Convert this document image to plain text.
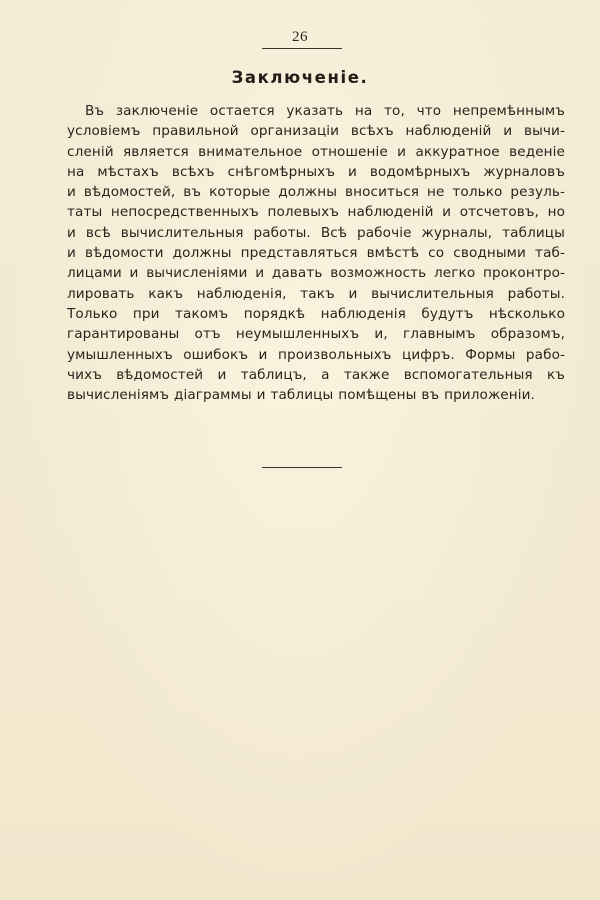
26
Заключенie.
Въ заключенie остается указать на то, что непремѣннымъ
условieмъ правильной организацiи всѣхъ наблюденiй и вычи-
сленiй является внимательное отношенie и аккуратное веденie
на мѣстахъ всѣхъ снѣгомѣрныхъ и водомѣрныхъ журналовъ
и вѣдомостей, въ которые должны вноситься не только резуль-
таты непосредственныхъ полевыхъ наблюденiй и отсчетовъ, но
и всѣ вычислительныя работы. Всѣ рабочiе журналы, таблицы
и вѣдомости должны представляться вмѣстѣ со сводными таб-
лицами и вычисленiями и давать возможность легко проконтро-
лировать какъ наблюденiя, такъ и вычислительныя работы.
Только при такомъ порядкѣ наблюденiя будутъ нѣсколько
гарантированы отъ неумышленныхъ и, главнымъ образомъ,
умышленныхъ ошибокъ и произвольныхъ цифръ. Формы рабо-
чихъ вѣдомостей и таблицъ, а также вспомогательныя къ
вычисленiямъ дiаграммы и таблицы помѣщены въ приложенiи.
